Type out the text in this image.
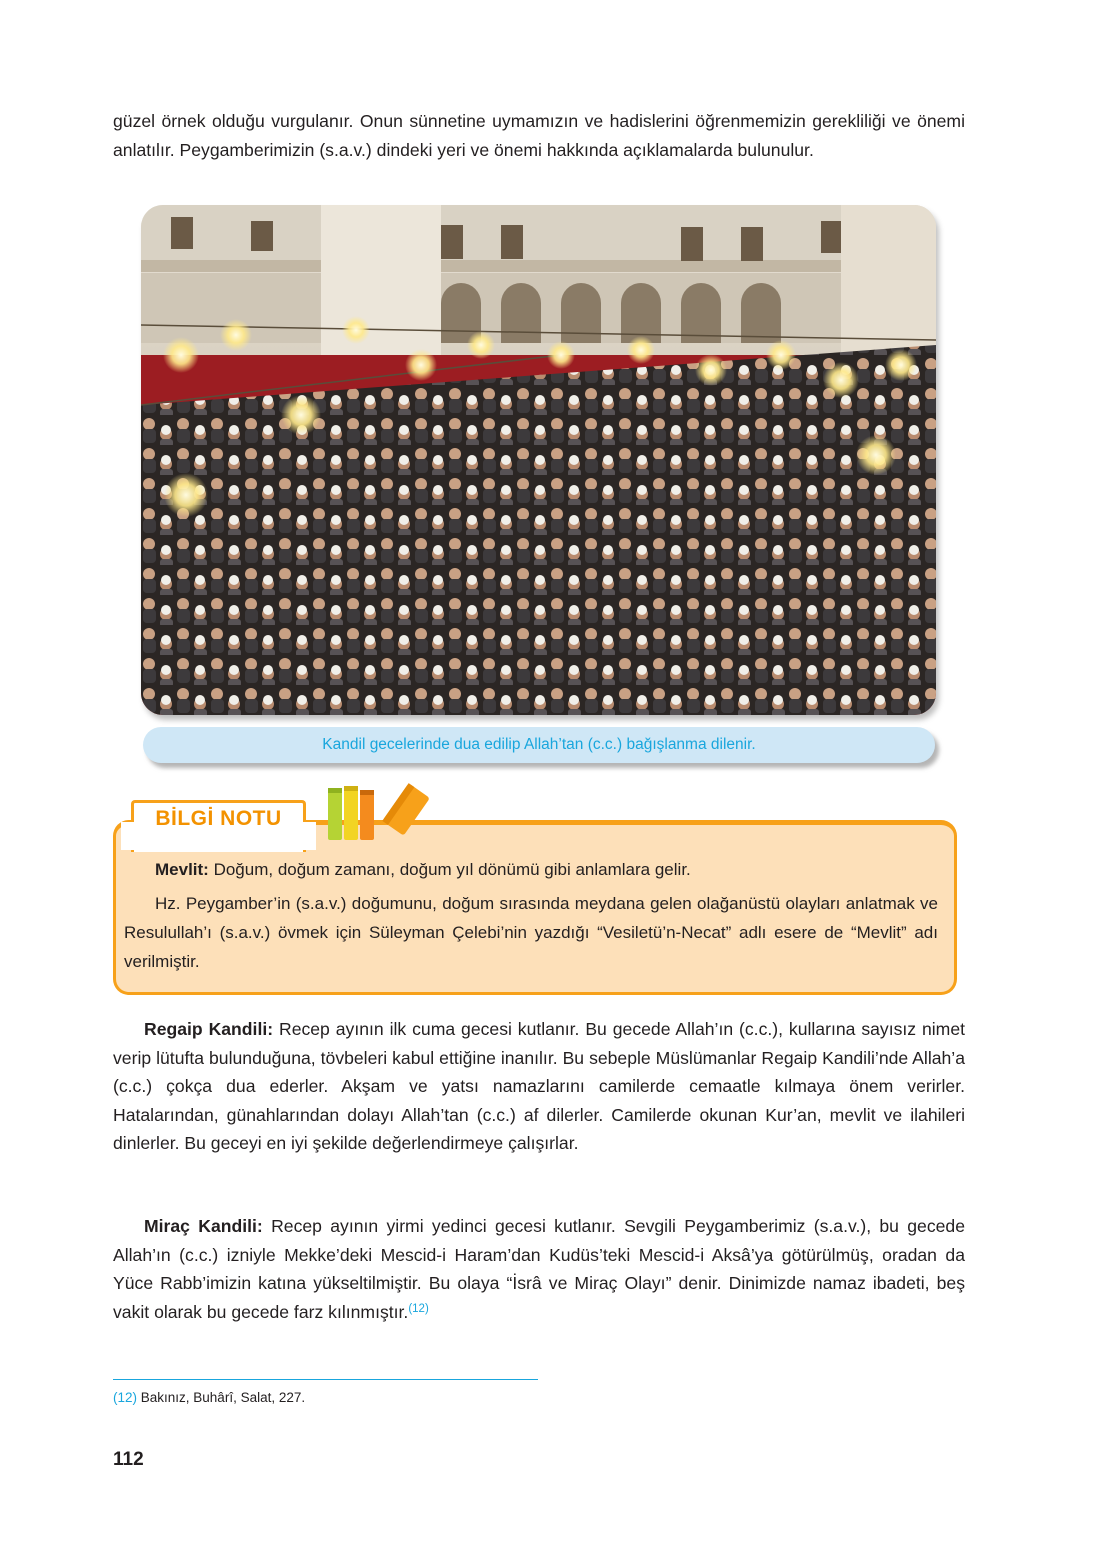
güzel örnek olduğu vurgulanır. Onun sünnetine uymamızın ve hadislerini öğrenmemizin gerekliliği ve önemi anlatılır. Peygamberimizin (s.a.v.) dindeki yeri ve önemi hakkında açıklamalarda bulunulur.

Kandil gecelerinde dua edilip Allah’tan (c.c.) bağışlanma dilenir.
BİLGİ NOTU

Mevlit: Doğum, doğum zamanı, doğum yıl dönümü gibi anlamlara gelir.

Hz. Peygamber’in (s.a.v.) doğumunu, doğum sırasında meydana gelen olağanüstü olayları anlatmak ve Resulullah’ı (s.a.v.) övmek için Süleyman Çelebi’nin yazdığı “Vesiletü’n-Necat” adlı esere de “Mevlit” adı verilmiştir.

Regaip Kandili: Recep ayının ilk cuma gecesi kutlanır. Bu gecede Allah’ın (c.c.), kullarına sayısız nimet verip lütufta bulunduğuna, tövbeleri kabul ettiğine inanılır. Bu sebeple Müslümanlar Regaip Kandili’nde Allah’a (c.c.) çokça dua ederler. Akşam ve yatsı namazlarını camilerde cemaatle kılmaya önem verirler. Hatalarından, günahlarından dolayı Allah’tan (c.c.) af dilerler. Camilerde okunan Kur’an, mevlit ve ilahileri dinlerler. Bu geceyi en iyi şekilde değerlendirmeye çalışırlar.

Miraç Kandili: Recep ayının yirmi yedinci gecesi kutlanır. Sevgili Peygamberimiz (s.a.v.), bu gecede Allah’ın (c.c.) izniyle Mekke’deki Mescid-i Haram’dan Kudüs’teki Mescid-i Aksâ’ya götürülmüş, oradan da Yüce Rabb’imizin katına yükseltilmiştir. Bu olaya “İsrâ ve Miraç Olayı” denir. Dinimizde namaz ibadeti, beş vakit olarak bu gecede farz kılınmıştır.$^{(12)}$

(12) Bakınız, Buhârî, Salat, 227.

112
